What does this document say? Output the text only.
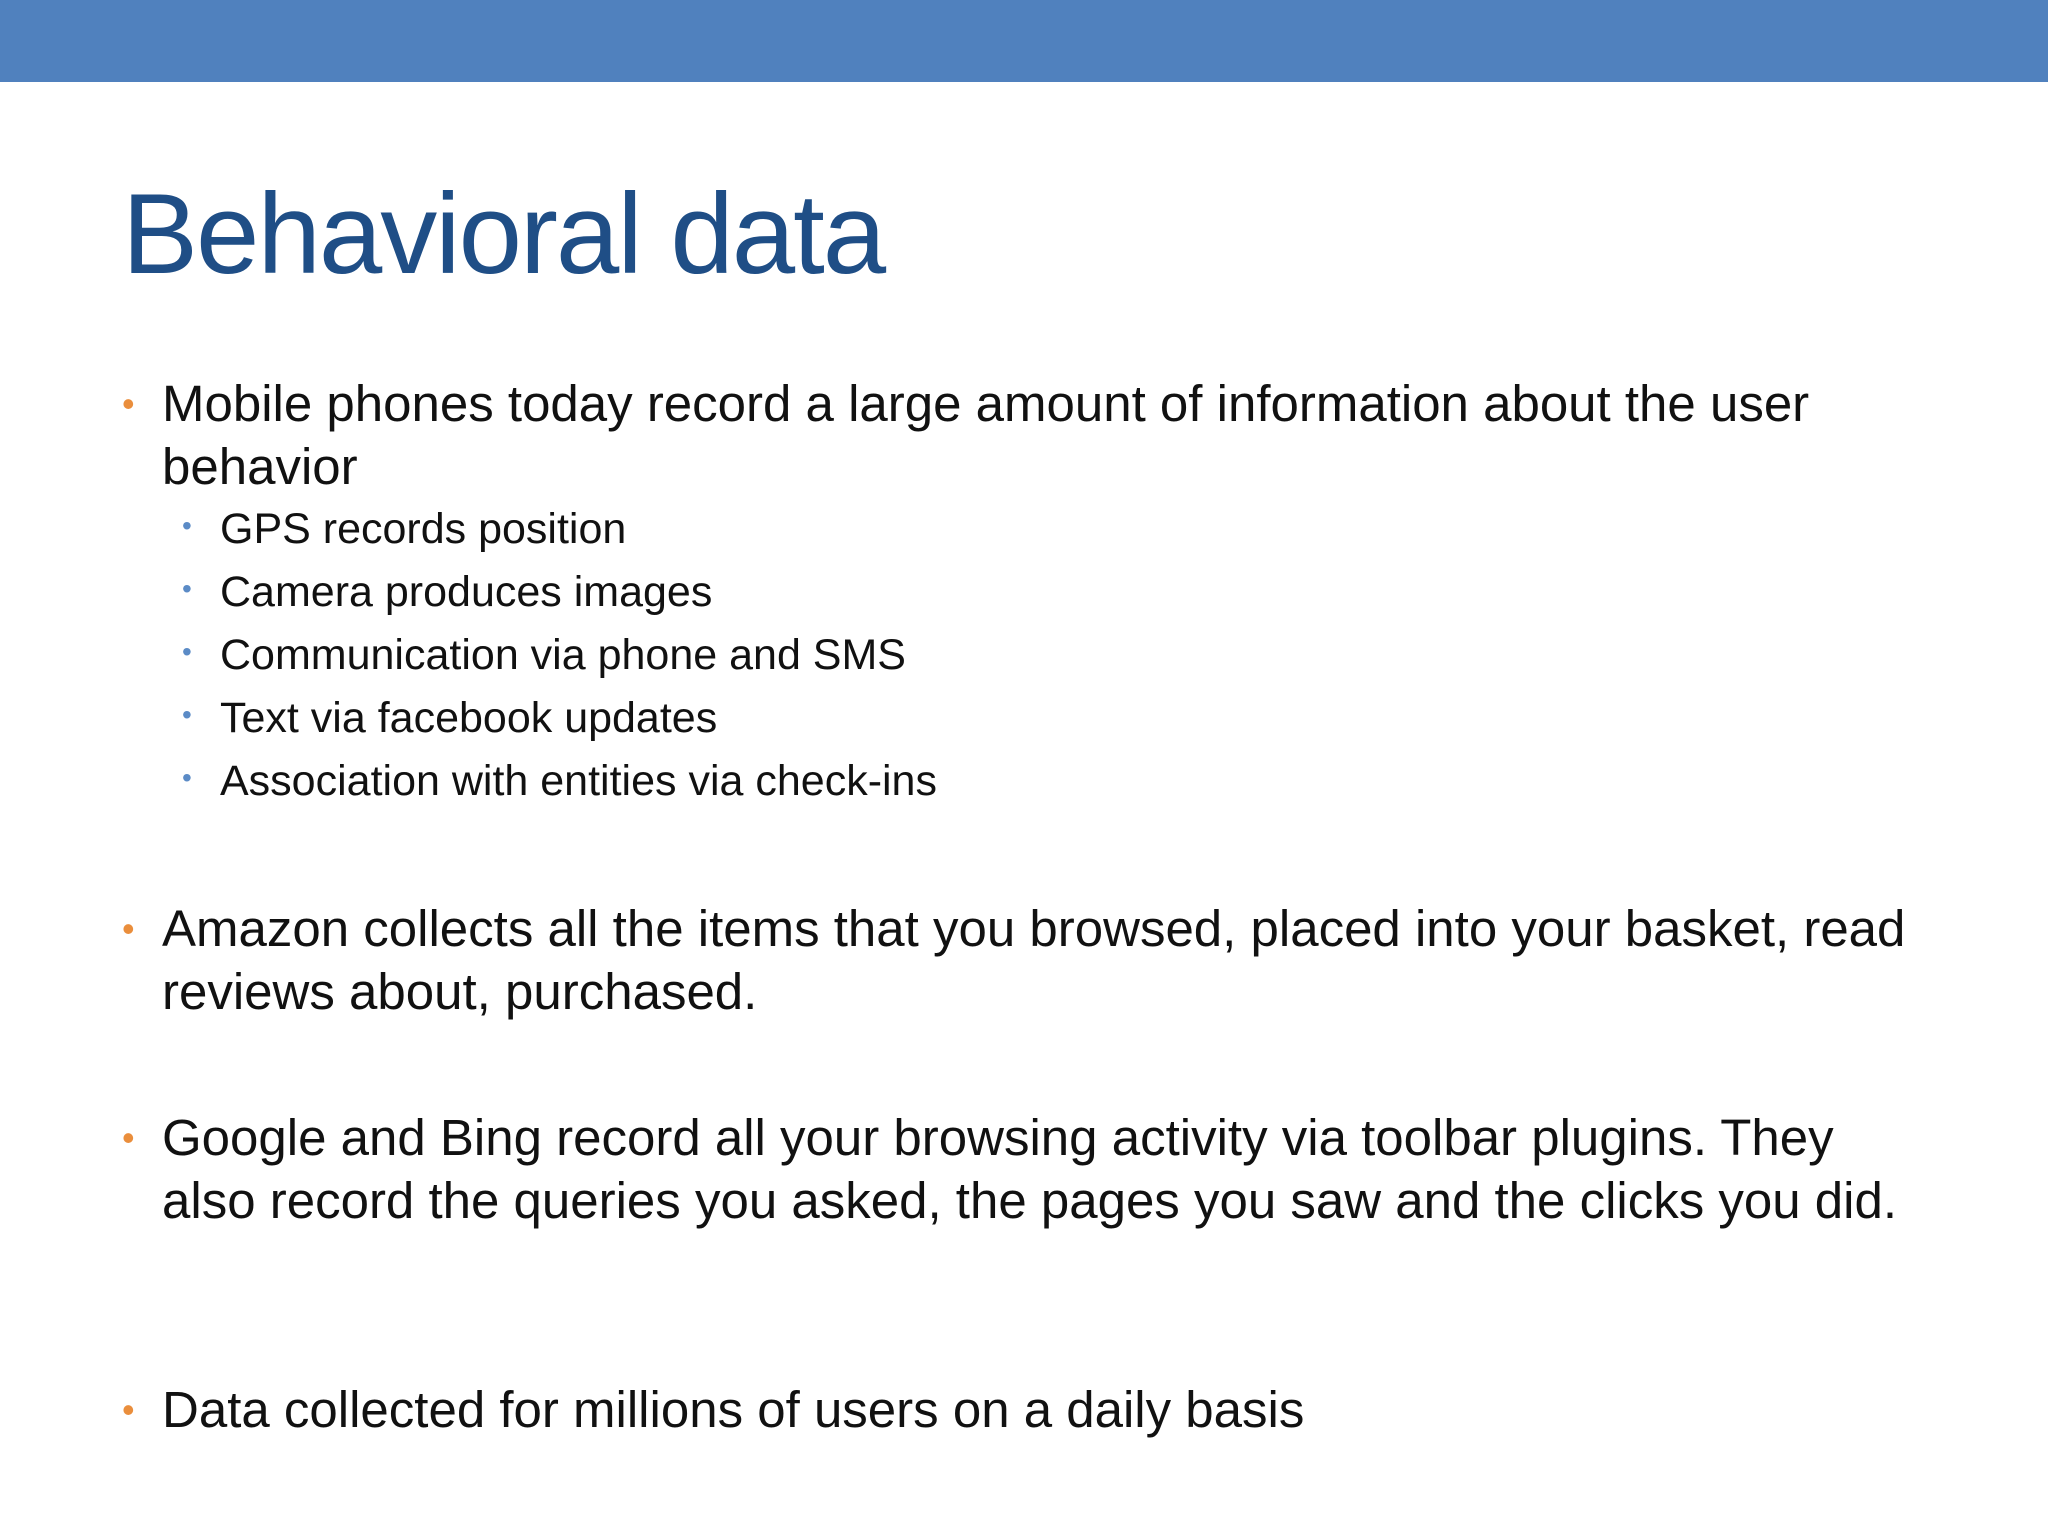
Behavioral data
• Mobile phones today record a large amount of information about the user behavior
• GPS records position
• Camera produces images
• Communication via phone and SMS
• Text via facebook updates
• Association with entities via check-ins
• Amazon collects all the items that you browsed, placed into your basket, read reviews about, purchased.
• Google and Bing record all your browsing activity via toolbar plugins. They also record the queries you asked, the pages you saw and the clicks you did.
• Data collected for millions of users on a daily basis
